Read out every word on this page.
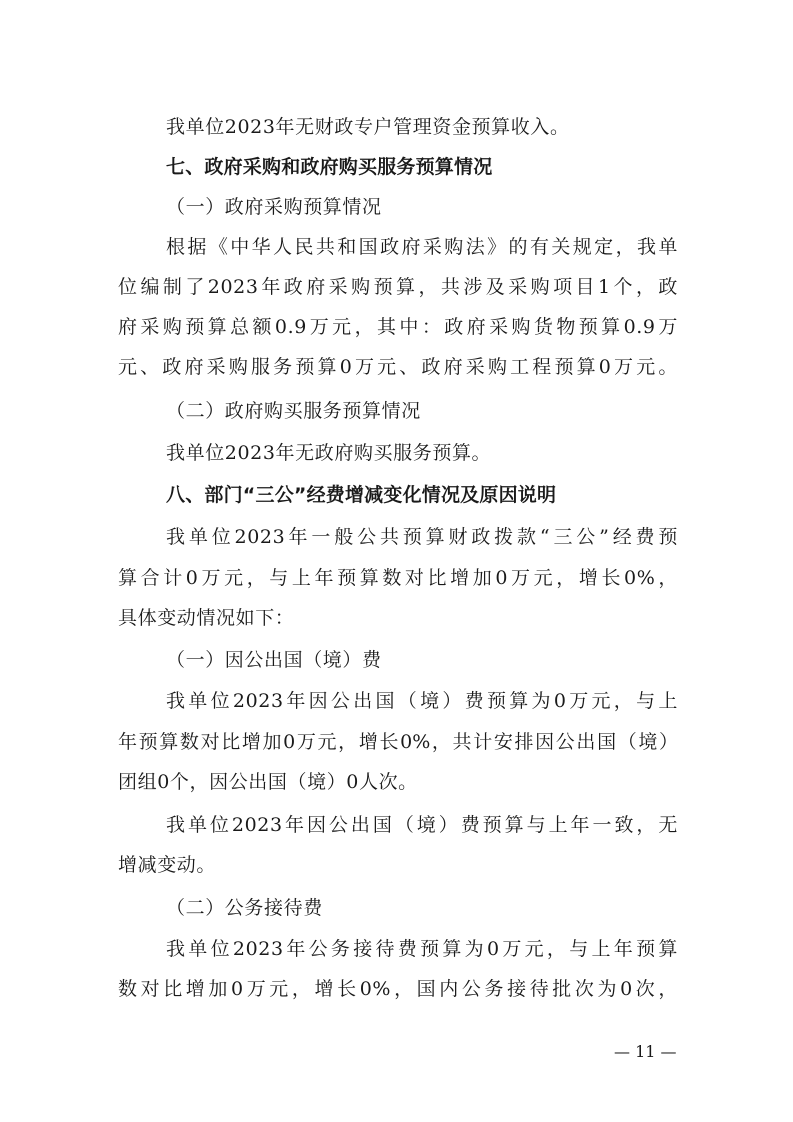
我单位2023年无财政专户管理资金预算收入。
七、政府采购和政府购买服务预算情况
（一）政府采购预算情况
根据《中华人民共和国政府采购法》的有关规定，我单
位编制了2023年政府采购预算，共涉及采购项目1个，政
府采购预算总额0.9万元，其中：政府采购货物预算0.9万
元、政府采购服务预算0万元、政府采购工程预算0万元。
（二）政府购买服务预算情况
我单位2023年无政府购买服务预算。
八、部门“三公”经费增减变化情况及原因说明
我单位2023年一般公共预算财政拨款“三公”经费预
算合计0万元，与上年预算数对比增加0万元，增长0%，
具体变动情况如下：
（一）因公出国（境）费
我单位2023年因公出国（境）费预算为0万元，与上
年预算数对比增加0万元，增长0%，共计安排因公出国（境）
团组0个，因公出国（境）0人次。
我单位2023年因公出国（境）费预算与上年一致，无
增减变动。
（二）公务接待费
我单位2023年公务接待费预算为0万元，与上年预算
数对比增加0万元，增长0%，国内公务接待批次为0次，
— 11 —
